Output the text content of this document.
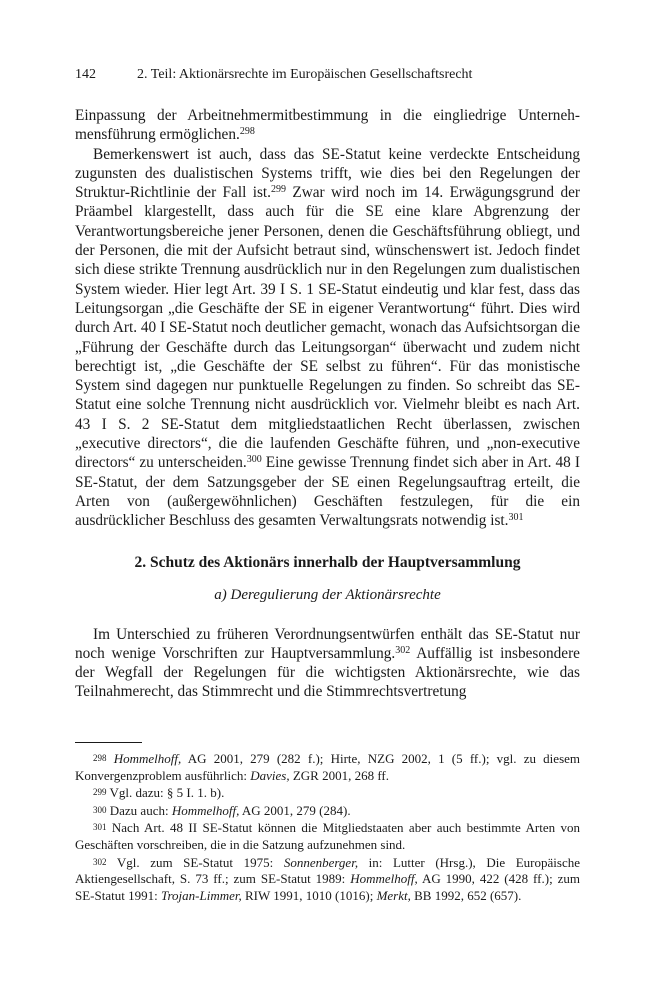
142	2. Teil: Aktionärsrechte im Europäischen Gesellschaftsrecht

Einpassung der Arbeitnehmermitbestimmung in die eingliedrige Unternehmensführung ermöglichen.$^{298}$

Bemerkenswert ist auch, dass das SE-Statut keine verdeckte Entscheidung zugunsten des dualistischen Systems trifft, wie dies bei den Regelungen der Struktur-Richtlinie der Fall ist.$^{299}$ Zwar wird noch im 14. Erwägungsgrund der Präambel klargestellt, dass auch für die SE eine klare Abgrenzung der Verantwortungsbereiche jener Personen, denen die Geschäftsführung obliegt, und der Personen, die mit der Aufsicht betraut sind, wünschenswert ist. Jedoch findet sich diese strikte Trennung ausdrücklich nur in den Regelungen zum dualistischen System wieder. Hier legt Art. 39 I S. 1 SE-Statut eindeutig und klar fest, dass das Leitungsorgan „die Geschäfte der SE in eigener Verantwortung“ führt. Dies wird durch Art. 40 I SE-Statut noch deutlicher gemacht, wonach das Aufsichtsorgan die „Führung der Geschäfte durch das Leitungsorgan“ überwacht und zudem nicht berechtigt ist, „die Geschäfte der SE selbst zu führen“. Für das monistische System sind dagegen nur punktuelle Regelungen zu finden. So schreibt das SE-Statut eine solche Trennung nicht ausdrücklich vor. Vielmehr bleibt es nach Art. 43 I S. 2 SE-Statut dem mitgliedstaatlichen Recht überlassen, zwischen „executive directors“, die die laufenden Geschäfte führen, und „non-executive directors“ zu unterscheiden.$^{300}$ Eine gewisse Trennung findet sich aber in Art. 48 I SE-Statut, der dem Satzungsgeber der SE einen Regelungsauftrag erteilt, die Arten von (außergewöhnlichen) Geschäften festzulegen, für die ein ausdrücklicher Beschluss des gesamten Verwaltungsrats notwendig ist.$^{301}$

2. Schutz des Aktionärs innerhalb der Hauptversammlung
a) Deregulierung der Aktionärsrechte

Im Unterschied zu früheren Verordnungsentwürfen enthält das SE-Statut nur noch wenige Vorschriften zur Hauptversammlung.$^{302}$ Auffällig ist insbesondere der Wegfall der Regelungen für die wichtigsten Aktionärsrechte, wie das Teilnahmerecht, das Stimmrecht und die Stimmrechtsvertretung

298 Hommelhoff, AG 2001, 279 (282 f.); Hirte, NZG 2002, 1 (5 ff.); vgl. zu diesem Konvergenzproblem ausführlich: Davies, ZGR 2001, 268 ff.

299 Vgl. dazu: § 5 I. 1. b).

300 Dazu auch: Hommelhoff, AG 2001, 279 (284).

301 Nach Art. 48 II SE-Statut können die Mitgliedstaaten aber auch bestimmte Arten von Geschäften vorschreiben, die in die Satzung aufzunehmen sind.

302 Vgl. zum SE-Statut 1975: Sonnenberger, in: Lutter (Hrsg.), Die Europäische Aktiengesellschaft, S. 73 ff.; zum SE-Statut 1989: Hommelhoff, AG 1990, 422 (428 ff.); zum SE-Statut 1991: Trojan-Limmer, RIW 1991, 1010 (1016); Merkt, BB 1992, 652 (657).
